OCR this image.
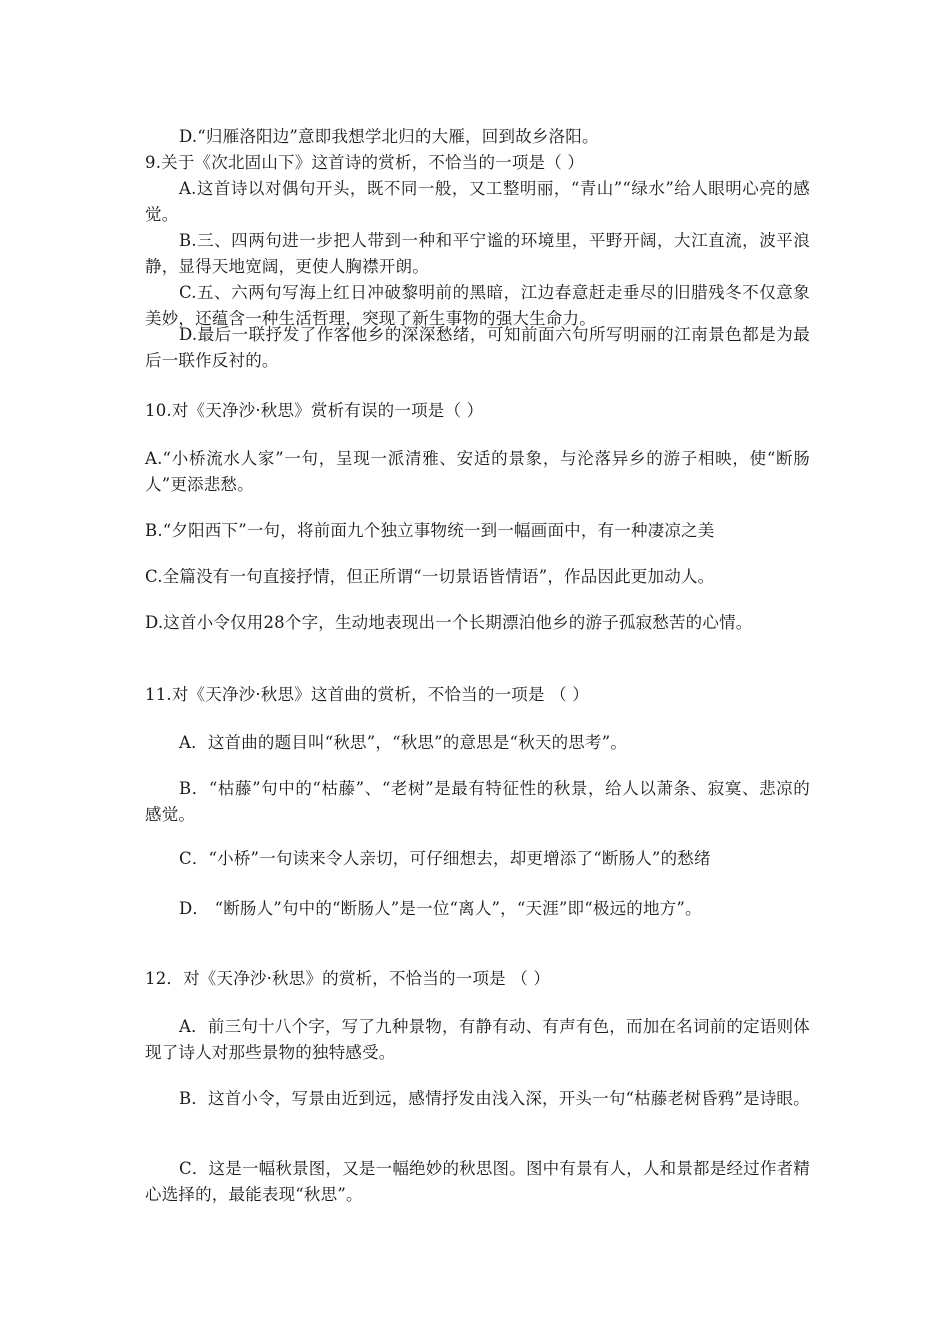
D.“归雁洛阳边”意即我想学北归的大雁，回到故乡洛阳。
9.关于《次北固山下》这首诗的赏析，不恰当的一项是（ ）
A.这首诗以对偶句开头，既不同一般，又工整明丽，“青山”“绿水”给人眼明心亮的感觉。
B.三、四两句进一步把人带到一种和平宁谧的环境里，平野开阔，大江直流，波平浪静，显得天地宽阔，更使人胸襟开朗。
C.五、六两句写海上红日冲破黎明前的黑暗，江边春意赶走垂尽的旧腊残冬不仅意象美妙，还蕴含一种生活哲理，突现了新生事物的强大生命力。
D.最后一联抒发了作客他乡的深深愁绪，可知前面六句所写明丽的江南景色都是为最后一联作反衬的。
10.对《天净沙·秋思》赏析有误的一项是（ ）
A.“小桥流水人家”一句，呈现一派清雅、安适的景象，与沦落异乡的游子相映，使“断肠人”更添悲愁。
B.“夕阳西下”一句，将前面九个独立事物统一到一幅画面中，有一种凄凉之美
C.全篇没有一句直接抒情，但正所谓“一切景语皆情语”，作品因此更加动人。
D.这首小令仅用28个字，生动地表现出一个长期漂泊他乡的游子孤寂愁苦的心情。
11.对《天净沙·秋思》这首曲的赏析，不恰当的一项是 （ ）
A．这首曲的题目叫“秋思”，“秋思”的意思是“秋天的思考”。
B．“枯藤”句中的“枯藤”、“老树”是最有特征性的秋景，给人以萧条、寂寞、悲凉的感觉。
C．“小桥”一句读来令人亲切，可仔细想去，却更增添了“断肠人”的愁绪
D． “断肠人”句中的“断肠人”是一位“离人”，“天涯”即“极远的地方”。
12．对《天净沙·秋思》的赏析，不恰当的一项是 （ ）
A．前三句十八个字，写了九种景物，有静有动、有声有色，而加在名词前的定语则体现了诗人对那些景物的独特感受。
B．这首小令，写景由近到远，感情抒发由浅入深，开头一句“枯藤老树昏鸦”是诗眼。
C．这是一幅秋景图，又是一幅绝妙的秋思图。图中有景有人，人和景都是经过作者精心选择的，最能表现“秋思”。
